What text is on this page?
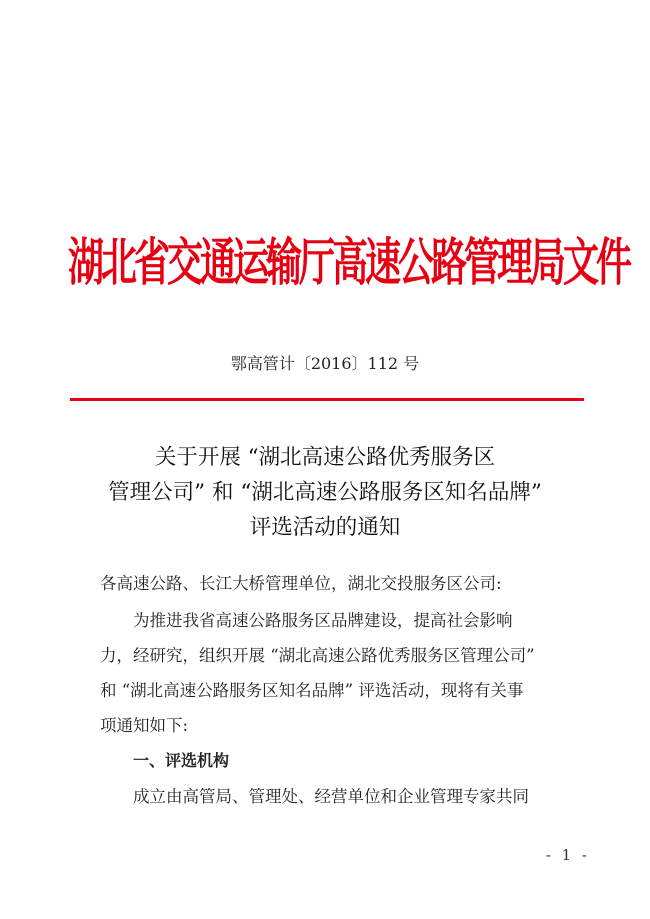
湖北省交通运输厅高速公路管理局文件
鄂高管计〔2016〕112 号
关于开展 “湖北高速公路优秀服务区
管理公司” 和 “湖北高速公路服务区知名品牌”
评选活动的通知
各高速公路、长江大桥管理单位，湖北交投服务区公司:
为推进我省高速公路服务区品牌建设，提高社会影响
力，经研究，组织开展 “湖北高速公路优秀服务区管理公司”
和 “湖北高速公路服务区知名品牌” 评选活动，现将有关事
项通知如下:
一、评选机构
成立由高管局、管理处、经营单位和企业管理专家共同
- 1 -
